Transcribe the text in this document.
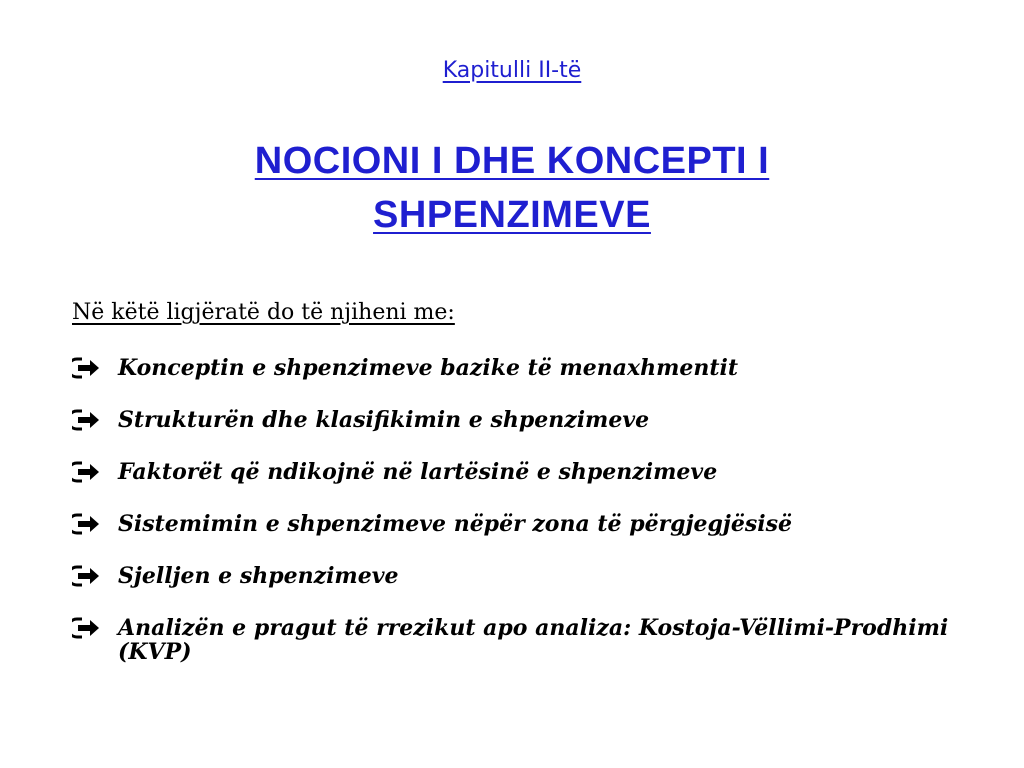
Kapitulli II-të
NOCIONI I DHE KONCEPTI I SHPENZIMEVE
Në këtë ligjëratë do të njiheni me:
Konceptin e shpenzimeve bazike të menaxhmentit
Strukturën dhe klasifikimin e shpenzimeve
Faktorët që ndikojnë në lartësinë e shpenzimeve
Sistemimin e shpenzimeve nëpër zona të përgjegjësisë
Sjelljen e shpenzimeve
Analizën e pragut të rrezikut apo analiza: Kostoja-Vëllimi-Prodhimi (KVP)
